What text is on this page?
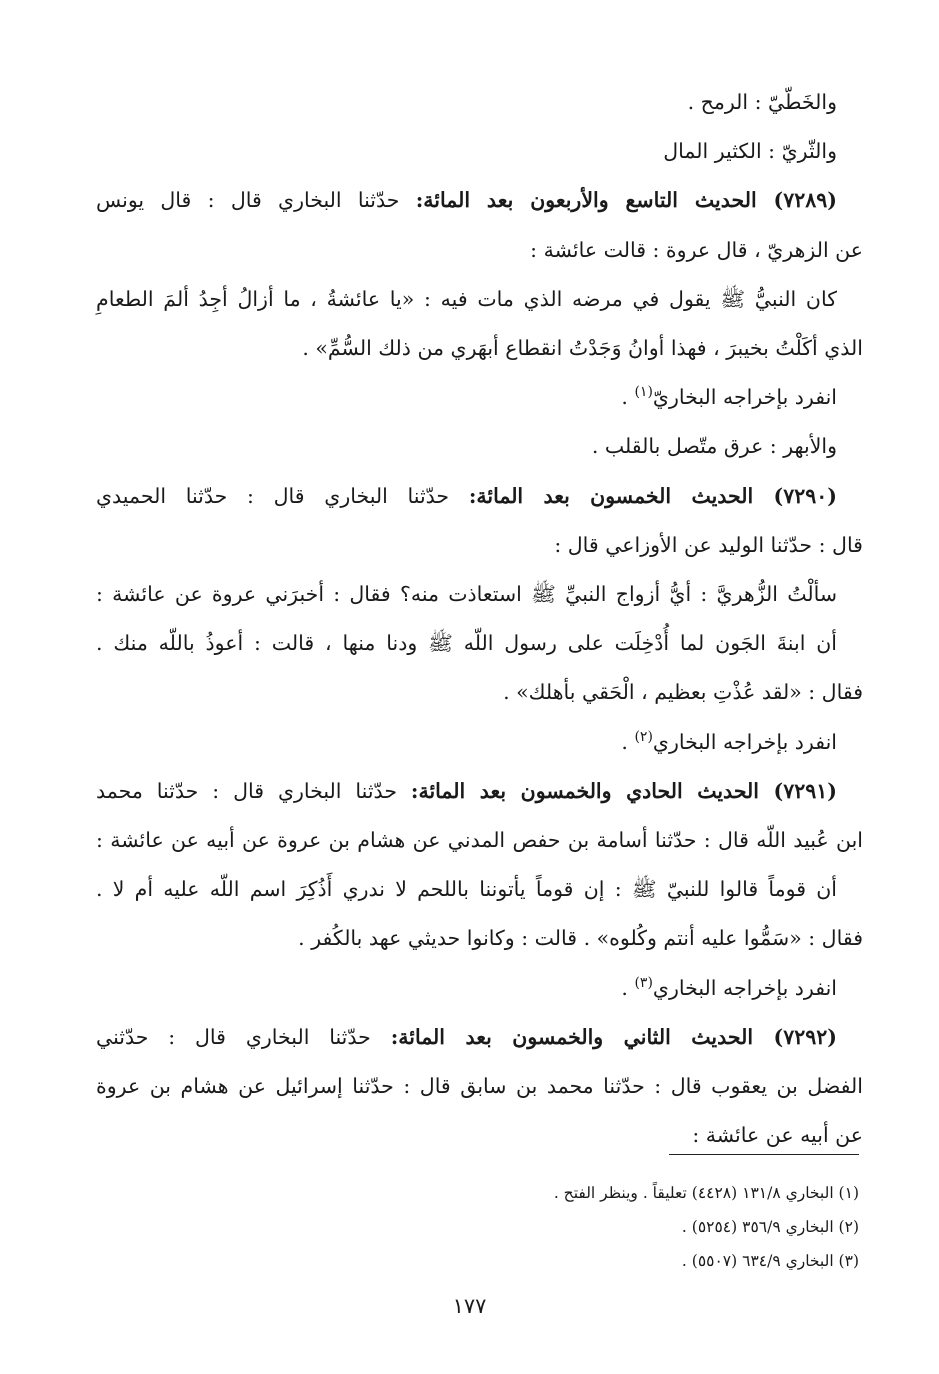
والخَطّيّ : الرمح .
والثّريّ : الكثير المال
(٧٢٨٩) الحديث التاسع والأربعون بعد المائة: حدّثنا البخاري قال : قال يونس
عن الزهريّ ، قال عروة : قالت عائشة :
كان النبيُّ ﷺ يقول في مرضه الذي مات فيه : «يا عائشةُ ، ما أزالُ أجِدُ ألمَ الطعامِ
الذي أكَلْتُ بخيبرَ ، فهذا أوانُ وَجَدْتُ انقطاع أبهَري من ذلك السُّمِّ» .
انفرد بإخراجه البخاريّ$^{(١)}$ .
والأبهر : عرق متّصل بالقلب .
(٧٢٩٠) الحديث الخمسون بعد المائة: حدّثنا البخاري قال : حدّثنا الحميدي
قال : حدّثنا الوليد عن الأوزاعي قال :
سألْتُ الزُّهريَّ : أيُّ أزواج النبيِّ ﷺ استعاذت منه؟ فقال : أخبرَني عروة عن عائشة :
أن ابنةَ الجَون لما أُدْخِلَت على رسول اللّه ﷺ ودنا منها ، قالت : أعوذُ باللّه منك .
فقال : «لقد عُذْتِ بعظيم ، الْحَقي بأهلك» .
انفرد بإخراجه البخاري$^{(٢)}$ .
(٧٢٩١) الحديث الحادي والخمسون بعد المائة: حدّثنا البخاري قال : حدّثنا محمد
ابن عُبيد اللّه قال : حدّثنا أسامة بن حفص المدني عن هشام بن عروة عن أبيه عن عائشة :
أن قوماً قالوا للنبيّ ﷺ : إن قوماً يأتوننا باللحم لا ندري أَذُكِرَ اسم اللّه عليه أم لا .
فقال : «سَمُّوا عليه أنتم وكُلوه» . قالت : وكانوا حديثي عهد بالكُفر .
انفرد بإخراجه البخاري$^{(٣)}$ .
(٧٢٩٢) الحديث الثاني والخمسون بعد المائة: حدّثنا البخاري قال : حدّثني
الفضل بن يعقوب قال : حدّثنا محمد بن سابق قال : حدّثنا إسرائيل عن هشام بن عروة
عن أبيه عن عائشة :
(١) البخاري ١٣١/٨ (٤٤٢٨) تعليقاً . وينظر الفتح .
(٢) البخاري ٣٥٦/٩ (٥٢٥٤) .
(٣) البخاري ٦٣٤/٩ (٥٥٠٧) .
١٧٧
